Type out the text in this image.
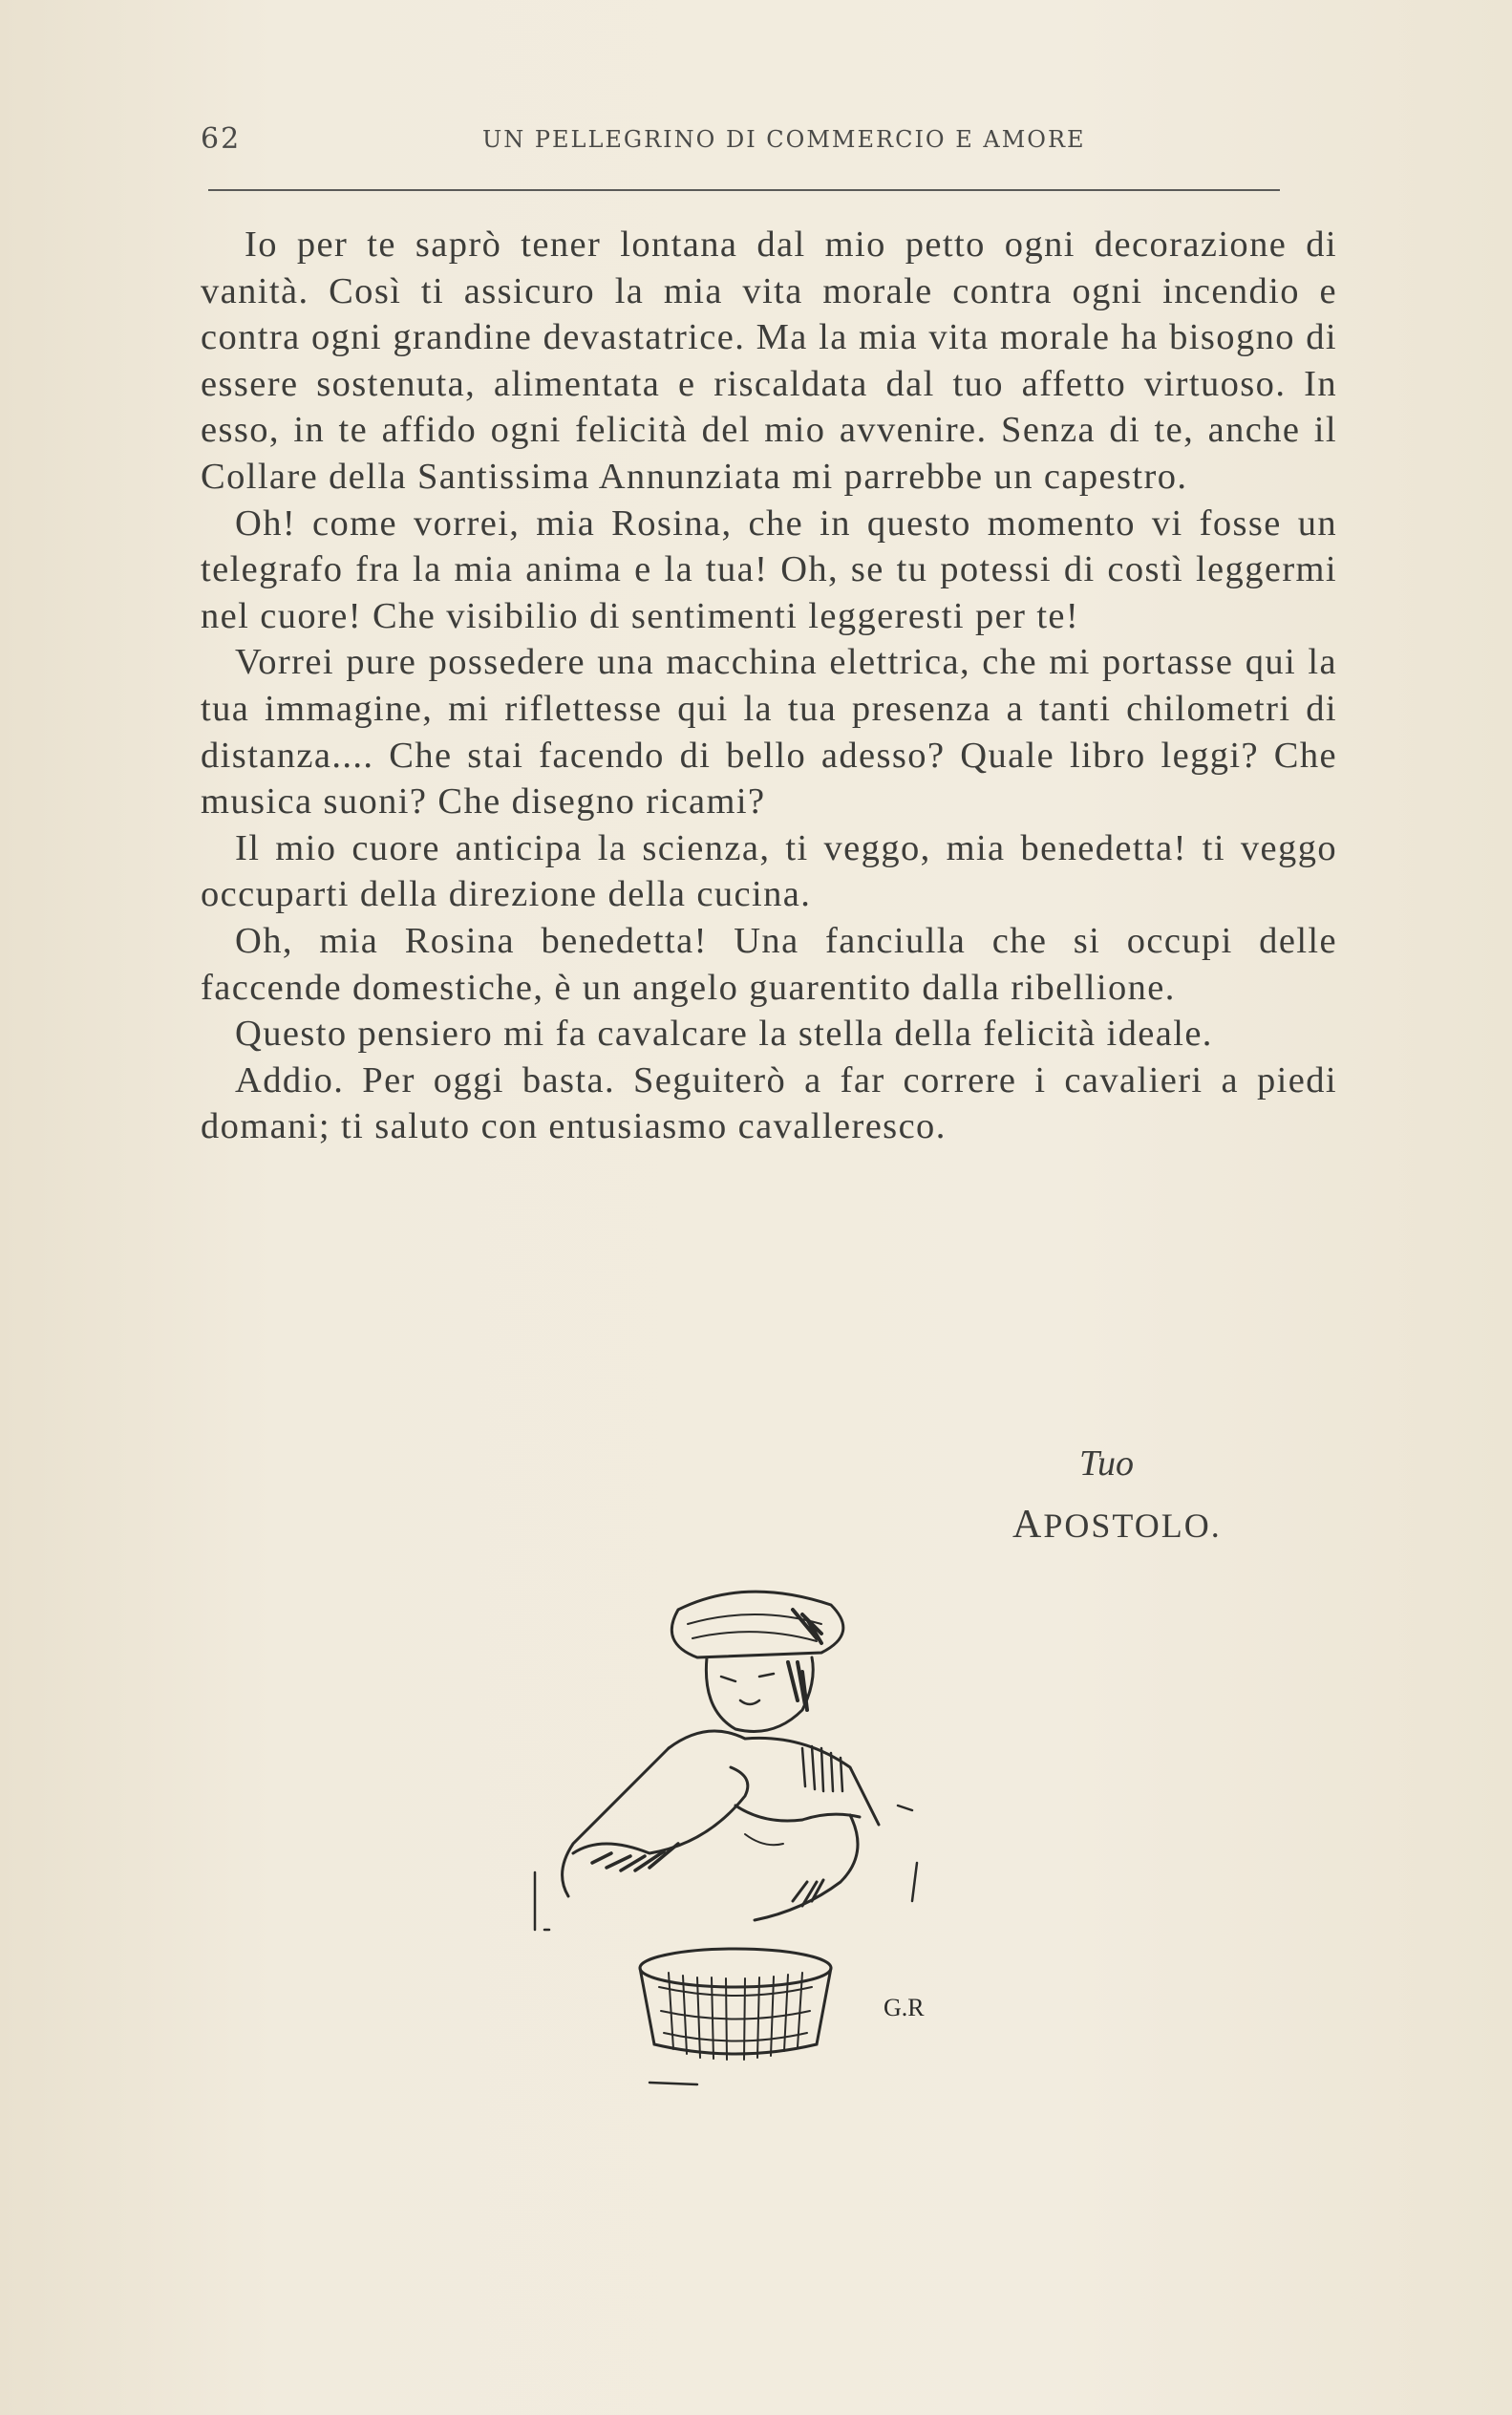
62	UN PELLEGRINO DI COMMERCIO E AMORE

Io per te saprò tener lontana dal mio petto ogni decorazione di vanità. Così ti assicuro la mia vita morale contra ogni incendio e contra ogni grandine devastatrice. Ma la mia vita morale ha bisogno di essere sostenuta, alimentata e riscaldata dal tuo affetto virtuoso. In esso, in te affido ogni felicità del mio avvenire. Senza di te, anche il Collare della Santissima Annunziata mi parrebbe un capestro.

Oh! come vorrei, mia Rosina, che in questo momento vi fosse un telegrafo fra la mia anima e la tua! Oh, se tu potessi di costì leggermi nel cuore! Che visibilio di sentimenti leggeresti per te!

Vorrei pure possedere una macchina elettrica, che mi portasse qui la tua immagine, mi riflettesse qui la tua presenza a tanti chilometri di distanza.... Che stai facendo di bello adesso? Quale libro leggi? Che musica suoni? Che disegno ricami?

Il mio cuore anticipa la scienza, ti veggo, mia benedetta! ti veggo occuparti della direzione della cucina.

Oh, mia Rosina benedetta! Una fanciulla che si occupi delle faccende domestiche, è un angelo guarentito dalla ribellione.

Questo pensiero mi fa cavalcare la stella della felicità ideale.

Addio. Per oggi basta. Seguiterò a far correre i cavalieri a piedi domani; ti saluto con entusiasmo cavalleresco.

Tuo
APOSTOLO.
G.R
